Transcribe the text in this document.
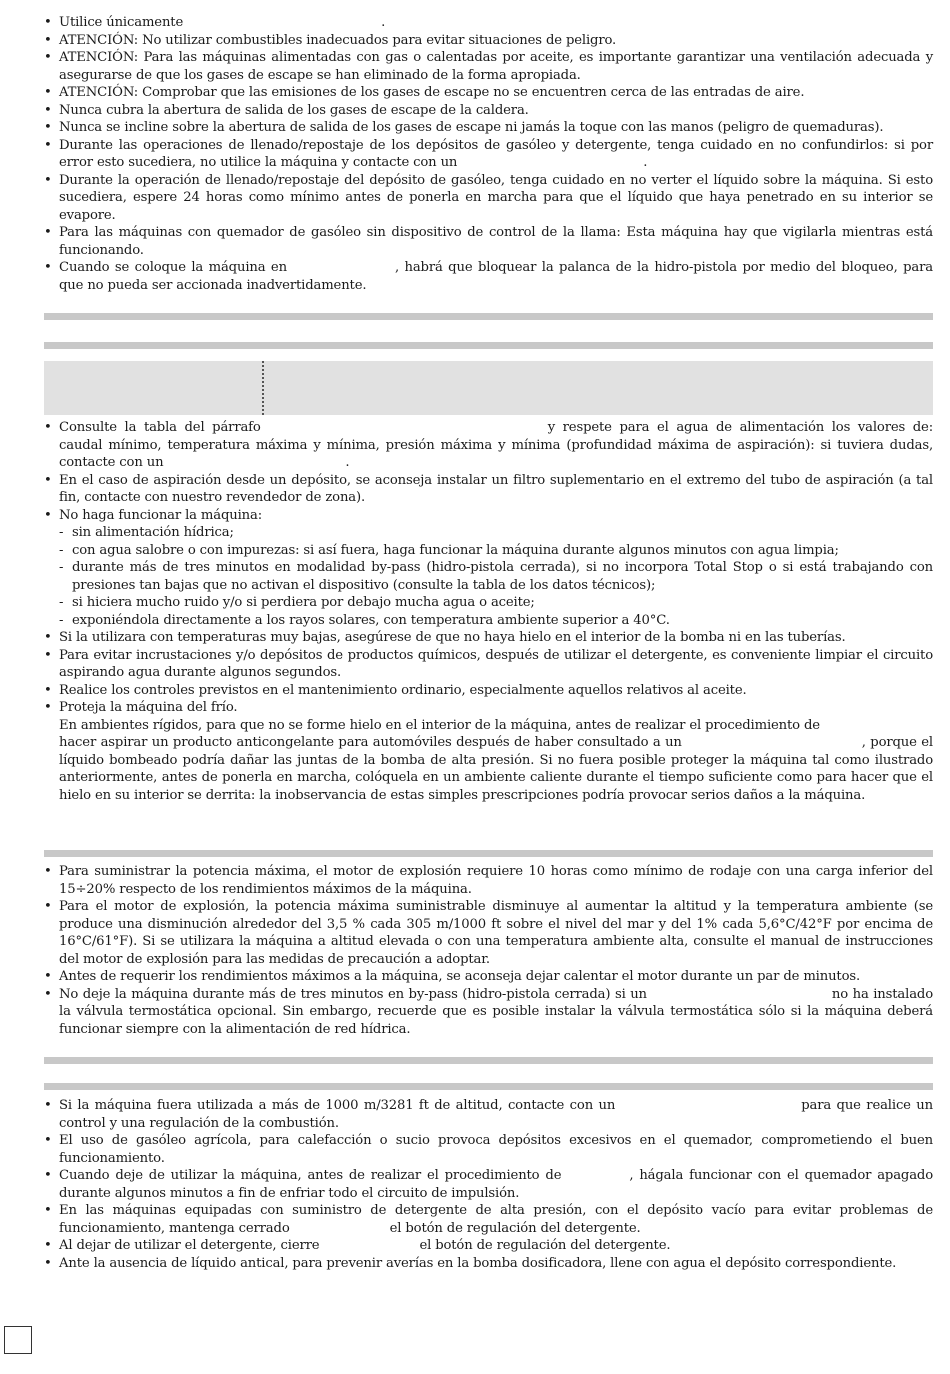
• Utilice únicamente	.
• ATENCIÓN: No utilizar combustibles inadecuados para evitar situaciones de peligro.
• ATENCIÓN: Para las máquinas alimentadas con gas o calentadas por aceite, es importante garantizar una ventilación adecuada y asegurarse de que los gases de escape se han eliminado de la forma apropiada.
• ATENCIÓN: Comprobar que las emisiones de los gases de escape no se encuentren cerca de las entradas de aire.
• Nunca cubra la abertura de salida de los gases de escape de la caldera.
• Nunca se incline sobre la abertura de salida de los gases de escape ni jamás la toque con las manos (peligro de quemaduras).
• Durante las operaciones de llenado/repostaje de los depósitos de gasóleo y detergente, tenga cuidado en no confundirlos: si por error esto sucediera, no utilice la máquina y contacte con un	.
• Durante la operación de llenado/repostaje del depósito de gasóleo, tenga cuidado en no verter el líquido sobre la máquina. Si esto sucediera, espere 24 horas como mínimo antes de ponerla en marcha para que el líquido que haya penetrado en su interior se evapore.
• Para las máquinas con quemador de gasóleo sin dispositivo de control de la llama: Esta máquina hay que vigilarla mientras está funcionando.
• Cuando se coloque la máquina en	, habrá que bloquear la palanca de la hidro-pistola por medio del bloqueo, para que no pueda ser accionada inadvertidamente.
• Consulte la tabla del párrafo	y respete para el agua de alimentación los valores de: caudal mínimo, temperatura máxima y mínima, presión máxima y mínima (profundidad máxima de aspiración): si tuviera dudas, contacte con un	.
• En el caso de aspiración desde un depósito, se aconseja instalar un filtro suplementario en el extremo del tubo de aspiración (a tal fin, contacte con nuestro revendedor de zona).
• No haga funcionar la máquina:
- sin alimentación hídrica;
- con agua salobre o con impurezas: si así fuera, haga funcionar la máquina durante algunos minutos con agua limpia;
- durante más de tres minutos en modalidad by-pass (hidro-pistola cerrada), si no incorpora Total Stop o si está trabajando con presiones tan bajas que no activan el dispositivo (consulte la tabla de los datos técnicos);
- si hiciera mucho ruido y/o si perdiera por debajo mucha agua o aceite;
- exponiéndola directamente a los rayos solares, con temperatura ambiente superior a 40°C.
• Si la utilizara con temperaturas muy bajas, asegúrese de que no haya hielo en el interior de la bomba ni en las tuberías.
• Para evitar incrustaciones y/o depósitos de productos químicos, después de utilizar el detergente, es conveniente limpiar el circuito aspirando agua durante algunos segundos.
• Realice los controles previstos en el mantenimiento ordinario, especialmente aquellos relativos al aceite.
• Proteja la máquina del frío.
En ambientes rígidos, para que no se forme hielo en el interior de la máquina, antes de realizar el procedimiento de
hacer aspirar un producto anticongelante para automóviles después de haber consultado a un	, porque el líquido bombeado podría dañar las juntas de la bomba de alta presión. Si no fuera posible proteger la máquina tal como ilustrado anteriormente, antes de ponerla en marcha, colóquela en un ambiente caliente durante el tiempo suficiente como para hacer que el hielo en su interior se derrita: la inobservancia de estas simples prescripciones podría provocar serios daños a la máquina.
• Para suministrar la potencia máxima, el motor de explosión requiere 10 horas como mínimo de rodaje con una carga inferior del 15÷20% respecto de los rendimientos máximos de la máquina.
• Para el motor de explosión, la potencia máxima suministrable disminuye al aumentar la altitud y la temperatura ambiente (se produce una disminución alrededor del 3,5 % cada 305 m/1000 ft sobre el nivel del mar y del 1% cada 5,6°C/42°F por encima de 16°C/61°F). Si se utilizara la máquina a altitud elevada o con una temperatura ambiente alta, consulte el manual de instrucciones del motor de explosión para las medidas de precaución a adoptar.
• Antes de requerir los rendimientos máximos a la máquina, se aconseja dejar calentar el motor durante un par de minutos.
• No deje la máquina durante más de tres minutos en by-pass (hidro-pistola cerrada) si un	no ha instalado la válvula termostática opcional. Sin embargo, recuerde que es posible instalar la válvula termostática sólo si la máquina deberá funcionar siempre con la alimentación de red hídrica.
• Si la máquina fuera utilizada a más de 1000 m/3281 ft de altitud, contacte con un	para que realice un control y una regulación de la combustión.
• El uso de gasóleo agrícola, para calefacción o sucio provoca depósitos excesivos en el quemador, comprometiendo el buen funcionamiento.
• Cuando deje de utilizar la máquina, antes de realizar el procedimiento de	, hágala funcionar con el quemador apagado durante algunos minutos a fin de enfriar todo el circuito de impulsión.
• En las máquinas equipadas con suministro de detergente de alta presión, con el depósito vacío para evitar problemas de funcionamiento, mantenga cerrado	el botón de regulación del detergente.
• Al dejar de utilizar el detergente, cierre	el botón de regulación del detergente.
• Ante la ausencia de líquido antical, para prevenir averías en la bomba dosificadora, llene con agua el depósito correspondiente.
